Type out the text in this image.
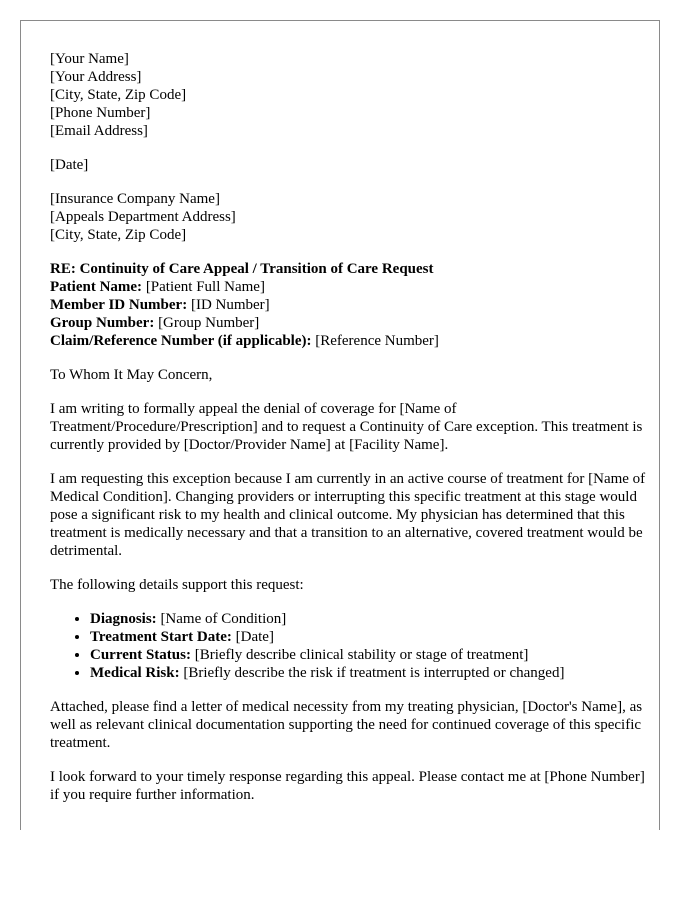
[Your Name]
[Your Address]
[City, State, Zip Code]
[Phone Number]
[Email Address]
[Date]
[Insurance Company Name]
[Appeals Department Address]
[City, State, Zip Code]
RE: Continuity of Care Appeal / Transition of Care Request
Patient Name: [Patient Full Name]
Member ID Number: [ID Number]
Group Number: [Group Number]
Claim/Reference Number (if applicable): [Reference Number]

To Whom It May Concern,

I am writing to formally appeal the denial of coverage for [Name of Treatment/Procedure/Prescription] and to request a Continuity of Care exception. This treatment is currently provided by [Doctor/Provider Name] at [Facility Name].

I am requesting this exception because I am currently in an active course of treatment for [Name of Medical Condition]. Changing providers or interrupting this specific treatment at this stage would pose a significant risk to my health and clinical outcome. My physician has determined that this treatment is medically necessary and that a transition to an alternative, covered treatment would be detrimental.

The following details support this request:

• Diagnosis: [Name of Condition]
• Treatment Start Date: [Date]
• Current Status: [Briefly describe clinical stability or stage of treatment]
• Medical Risk: [Briefly describe the risk if treatment is interrupted or changed]

Attached, please find a letter of medical necessity from my treating physician, [Doctor's Name], as well as relevant clinical documentation supporting the need for continued coverage of this specific treatment.

I look forward to your timely response regarding this appeal. Please contact me at [Phone Number] if you require further information.
